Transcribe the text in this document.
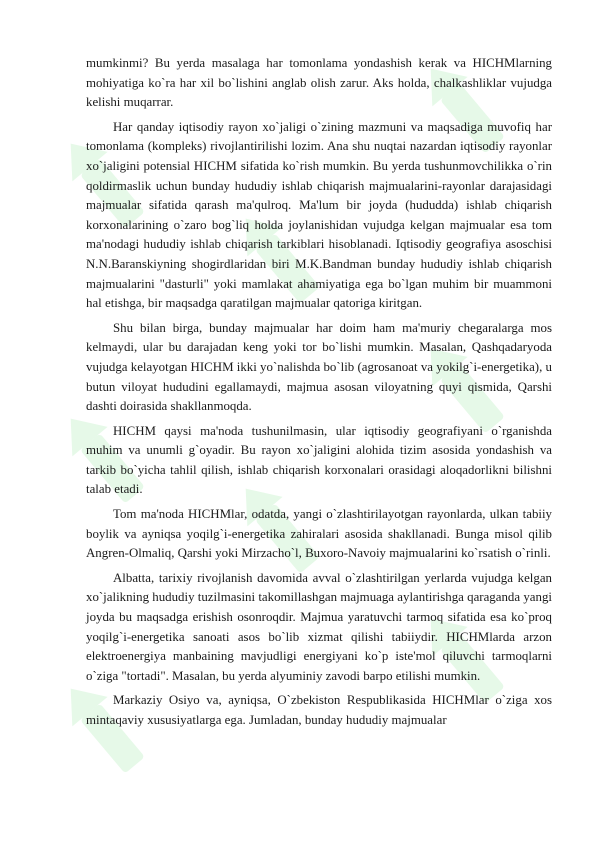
mumkinmi? Bu yerda masalaga har tomonlama yondashish kerak va HICHMlarning mohiyatiga ko`ra har xil bo`lishini anglab olish zarur. Aks holda, chalkashliklar vujudga kelishi muqarrar.

Har qanday iqtisodiy rayon xo`jaligi o`zining mazmuni va maqsadiga muvofiq har tomonlama (kompleks) rivojlantirilishi lozim. Ana shu nuqtai nazardan iqtisodiy rayonlar xo`jaligini potensial HICHM sifatida ko`rish mumkin. Bu yerda tushunmovchilikka o`rin qoldirmaslik uchun bunday hududiy ishlab chiqarish majmualarini-rayonlar darajasidagi majmualar sifatida qarash ma'qulroq. Ma'lum bir joyda (hududda) ishlab chiqarish korxonalarining o`zaro bog`liq holda joylanishidan vujudga kelgan majmualar esa tom ma'nodagi hududiy ishlab chiqarish tarkiblari hisoblanadi. Iqtisodiy geografiya asoschisi N.N.Baranskiyning shogirdlaridan biri M.K.Bandman bunday hududiy ishlab chiqarish majmualarini "dasturli" yoki mamlakat ahamiyatiga ega bo`lgan muhim bir muammoni hal etishga, bir maqsadga qaratilgan majmualar qatoriga kiritgan.

Shu bilan birga, bunday majmualar har doim ham ma'muriy chegaralarga mos kelmaydi, ular bu darajadan keng yoki tor bo`lishi mumkin. Masalan, Qashqadaryoda vujudga kelayotgan HICHM ikki yo`nalishda bo`lib (agrosanoat va yokilg`i-energetika), u butun viloyat hududini egallamaydi, majmua asosan viloyatning quyi qismida, Qarshi dashti doirasida shakllanmoqda.

HICHM qaysi ma'noda tushunilmasin, ular iqtisodiy geografiyani o`rganishda muhim va unumli g`oyadir. Bu rayon xo`jaligini alohida tizim asosida yondashish va tarkib bo`yicha tahlil qilish, ishlab chiqarish korxonalari orasidagi aloqadorlikni bilishni talab etadi.

Tom ma'noda HICHMlar, odatda, yangi o`zlashtirilayotgan rayonlarda, ulkan tabiiy boylik va ayniqsa yoqilg`i-energetika zahiralari asosida shakllanadi. Bunga misol qilib Angren-Olmaliq, Qarshi yoki Mirzacho`l, Buxoro-Navoiy majmualarini ko`rsatish o`rinli.

Albatta, tarixiy rivojlanish davomida avval o`zlashtirilgan yerlarda vujudga kelgan xo`jalikning hududiy tuzilmasini takomillashgan majmuaga aylantirishga qaraganda yangi joyda bu maqsadga erishish osonroqdir. Majmua yaratuvchi tarmoq sifatida esa ko`proq yoqilg`i-energetika sanoati asos bo`lib xizmat qilishi tabiiydir. HICHMlarda arzon elektroenergiya manbaining mavjudligi energiyani ko`p iste'mol qiluvchi tarmoqlarni o`ziga "tortadi". Masalan, bu yerda alyuminiy zavodi barpo etilishi mumkin.

Markaziy Osiyo va, ayniqsa, O`zbekiston Respublikasida HICHMlar o`ziga xos mintaqaviy xususiyatlarga ega. Jumladan, bunday hududiy majmualar
